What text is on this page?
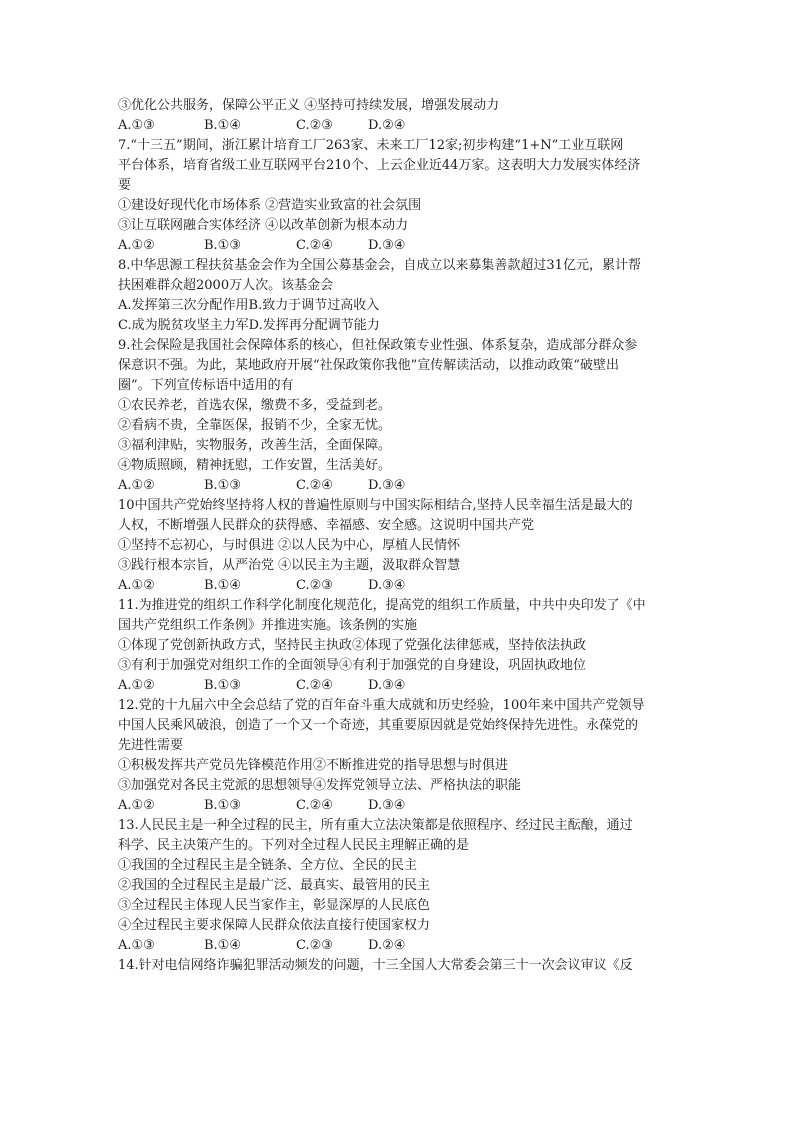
③优化公共服务，保障公平正义 ④坚持可持续发展，增强发展动力
A.①③	B.①④	C.②③	D.②④
7.“十三五”期间，浙江累计培育工厂263家、未来工厂12家;初步构建“1+N”工业互联网
平台体系，培育省级工业互联网平台210个、上云企业近44万家。这表明大力发展实体经济
要
①建设好现代化市场体系 ②营造实业致富的社会氛围
③让互联网融合实体经济 ④以改革创新为根本动力
A.①②	B.①③	C.②④	D.③④
8.中华思源工程扶贫基金会作为全国公募基金会，自成立以来募集善款超过31亿元，累计帮
扶困难群众超2000万人次。该基金会
A.发挥第三次分配作用B.致力于调节过高收入
C.成为脱贫攻坚主力军D.发挥再分配调节能力
9.社会保险是我国社会保障体系的核心，但社保政策专业性强、体系复杂，造成部分群众参
保意识不强。为此，某地政府开展“社保政策你我他”宣传解读活动，以推动政策“破壁出
圈”。下列宣传标语中适用的有
①农民养老，首选农保，缴费不多，受益到老。
②看病不贵，全靠医保，报销不少，全家无忧。
③福利津贴，实物服务，改善生活，全面保障。
④物质照顾，精神抚慰，工作安置，生活美好。
A.①②	B.①③	C.②④	D.③④
10中国共产党始终坚持将人权的普遍性原则与中国实际相结合,坚持人民幸福生活是最大的
人权，不断增强人民群众的获得感、幸福感、安全感。这说明中国共产党
①坚持不忘初心，与时俱进 ②以人民为中心，厚植人民情怀
③践行根本宗旨，从严治党 ④以民主为主题，汲取群众智慧
A.①②	B.①④	C.②③	D.③④
11.为推进党的组织工作科学化制度化规范化，提高党的组织工作质量，中共中央印发了《中
国共产党组织工作条例》并推进实施。该条例的实施
①体现了党创新执政方式，坚持民主执政②体现了党强化法律惩戒，坚持依法执政
③有利于加强党对组织工作的全面领导④有利于加强党的自身建设，巩固执政地位
A.①②	B.①③	C.②④	D.③④
12.党的十九届六中全会总结了党的百年奋斗重大成就和历史经验，100年来中国共产党领导
中国人民乘风破浪，创造了一个又一个奇迹，其重要原因就是党始终保持先进性。永葆党的
先进性需要
①积极发挥共产党员先锋模范作用②不断推进党的指导思想与时俱进
③加强党对各民主党派的思想领导④发挥党领导立法、严格执法的职能
A.①②	B.①③	C.②④	D.③④
13.人民民主是一种全过程的民主，所有重大立法决策都是依照程序、经过民主酝酿，通过
科学、民主决策产生的。下列对全过程人民民主理解正确的是
①我国的全过程民主是全链条、全方位、全民的民主
②我国的全过程民主是最广泛、最真实、最管用的民主
③全过程民主体现人民当家作主，彰显深厚的人民底色
④全过程民主要求保障人民群众依法直接行使国家权力
A.①③	B.①④	C.②③	D.②④
14.针对电信网络诈骗犯罪活动频发的问题，十三全国人大常委会第三十一次会议审议《反
